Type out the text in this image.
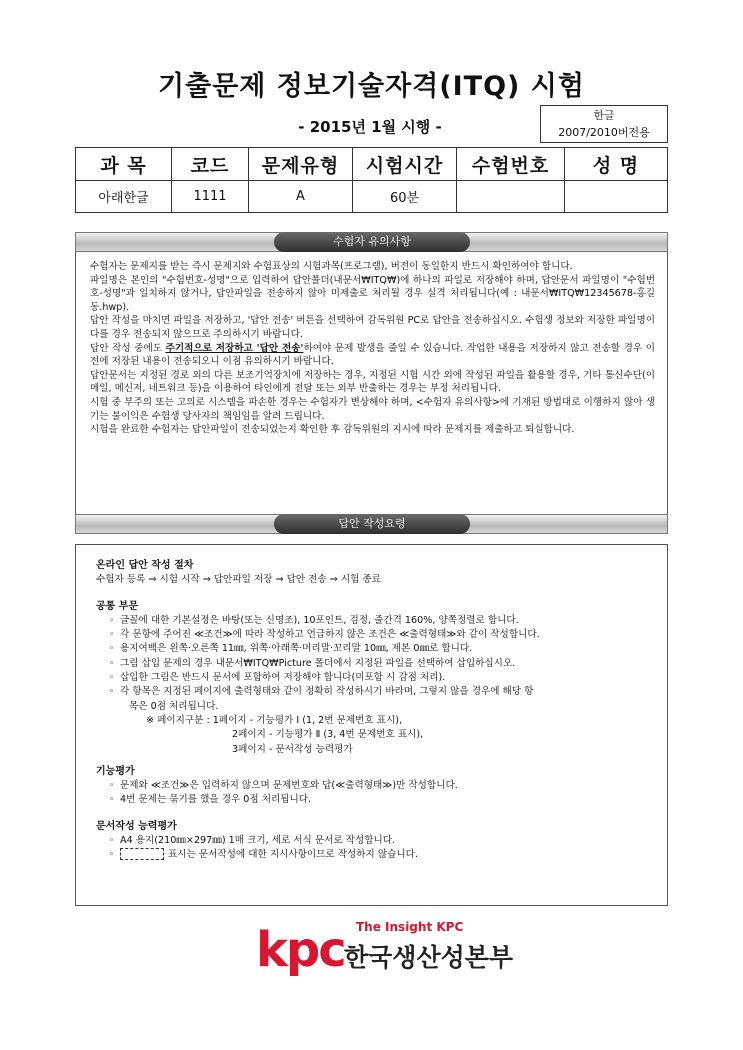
기출문제 정보기술자격(ITQ) 시험
- 2015년 1월 시행 -
한글
2007/2010버전용
과 목	코드	문제유형	시험시간	수험번호	성 명
아래한글	1111	A	60분		
수험자 유의사항

수험자는 문제지를 받는 즉시 문제지와 수험표상의 시험과목(프로그램), 버전이 동일한지 반드시 확인하여야 합니다.

파일명은 본인의 "수험번호-성명"으로 입력하여 답안폴더(내문서₩ITQ₩)에 하나의 파일로 저장해야 하며, 답안문서 파일명이 "수험번호-성명"과 일치하지 않거나, 답안파일을 전송하지 않아 미제출로 처리될 경우 실격 처리됩니다(예 : 내문서₩ITQ₩12345678-홍길동.hwp).

답안 작성을 마치면 파일을 저장하고, '답안 전송' 버튼을 선택하여 감독위원 PC로 답안을 전송하십시오. 수험생 정보와 저장한 파일명이 다를 경우 전송되지 않으므로 주의하시기 바랍니다.

답안 작성 중에도 주기적으로 저장하고 '답안 전송'하여야 문제 발생을 줄일 수 있습니다. 작업한 내용을 저장하지 않고 전송할 경우 이전에 저장된 내용이 전송되오니 이점 유의하시기 바랍니다.

답안문서는 지정된 경로 외의 다른 보조기억장치에 저장하는 경우, 지정된 시험 시간 외에 작성된 파일을 활용할 경우, 기타 통신수단(이메일, 메신저, 네트워크 등)을 이용하여 타인에게 전달 또는 외부 반출하는 경우는 부정 처리됩니다.

시험 중 부주의 또는 고의로 시스템을 파손한 경우는 수험자가 변상해야 하며, <수험자 유의사항>에 기재된 방법대로 이행하지 않아 생기는 불이익은 수험생 당사자의 책임임을 알려 드립니다.

시험을 완료한 수험자는 답안파일이 전송되었는지 확인한 후 감독위원의 지시에 따라 문제지를 제출하고 퇴실합니다.

답안 작성요령
온라인 답안 작성 절차
수험자 등록 ⇒ 시험 시작 ⇒ 답안파일 저장 ⇒ 답안 전송 ⇒ 시험 종료
공통 부문
◦ 글꼴에 대한 기본설정은 바탕(또는 신명조), 10포인트, 검정, 줄간격 160%, 양쪽정렬로 합니다.
◦ 각 문항에 주어진 ≪조건≫에 따라 작성하고 언급하지 않은 조건은 ≪출력형태≫와 같이 작성합니다.
◦ 용지여백은 왼쪽·오른쪽 11㎜, 위쪽·아래쪽·머리말·꼬리말 10㎜, 제본 0㎜로 합니다.
◦ 그림 삽입 문제의 경우 내문서₩ITQ₩Picture 폴더에서 지정된 파일을 선택하여 삽입하십시오.
◦ 삽입한 그림은 반드시 문서에 포함하여 저장해야 합니다(미포함 시 감점 처리).
◦ 각 항목은 지정된 페이지에 출력형태와 같이 정확히 작성하시기 바라며, 그렇지 않을 경우에 해당 항
목은 0점 처리됩니다.
※ 페이지구분 : 1페이지 - 기능평가 Ⅰ (1, 2번 문제번호 표시),
2페이지 - 기능평가 Ⅱ (3, 4번 문제번호 표시),
3페이지 - 문서작성 능력평가
기능평가
◦ 문제와 ≪조건≫은 입력하지 않으며 문제번호와 답(≪출력형태≫)만 작성합니다.
◦ 4번 문제는 묶기를 했을 경우 0점 처리됩니다.
문서작성 능력평가
◦ A4 용지(210㎜×297㎜) 1매 크기, 세로 서식 문서로 작성합니다.
◦ 표시는 문서작성에 대한 지시사항이므로 작성하지 않습니다.
kpc The Insight KPC
한국생산성본부
